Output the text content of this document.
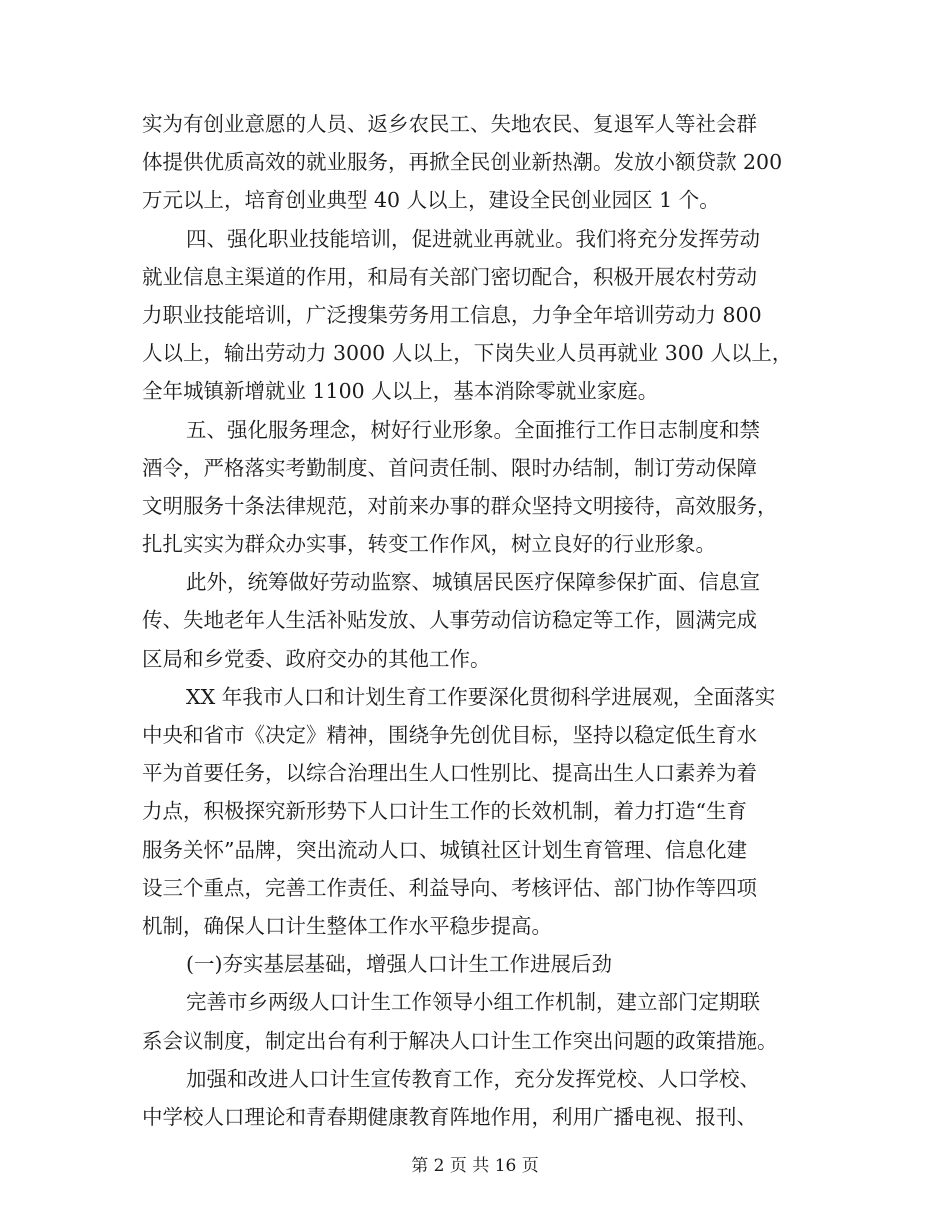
实为有创业意愿的人员、返乡农民工、失地农民、复退军人等社会群
体提供优质高效的就业服务，再掀全民创业新热潮。发放小额贷款 200
万元以上，培育创业典型 40 人以上，建设全民创业园区 1 个。
四、强化职业技能培训，促进就业再就业。我们将充分发挥劳动
就业信息主渠道的作用，和局有关部门密切配合，积极开展农村劳动
力职业技能培训，广泛搜集劳务用工信息，力争全年培训劳动力 800
人以上，输出劳动力 3000 人以上，下岗失业人员再就业 300 人以上，
全年城镇新增就业 1100 人以上，基本消除零就业家庭。
五、强化服务理念，树好行业形象。全面推行工作日志制度和禁
酒令，严格落实考勤制度、首问责任制、限时办结制，制订劳动保障
文明服务十条法律规范，对前来办事的群众坚持文明接待，高效服务，
扎扎实实为群众办实事，转变工作作风，树立良好的行业形象。
此外，统筹做好劳动监察、城镇居民医疗保障参保扩面、信息宣
传、失地老年人生活补贴发放、人事劳动信访稳定等工作，圆满完成
区局和乡党委、政府交办的其他工作。
XX 年我市人口和计划生育工作要深化贯彻科学进展观，全面落实
中央和省市《决定》精神，围绕争先创优目标，坚持以稳定低生育水
平为首要任务，以综合治理出生人口性别比、提高出生人口素养为着
力点，积极探究新形势下人口计生工作的长效机制，着力打造“生育
服务关怀”品牌，突出流动人口、城镇社区计划生育管理、信息化建
设三个重点，完善工作责任、利益导向、考核评估、部门协作等四项
机制，确保人口计生整体工作水平稳步提高。
(一)夯实基层基础，增强人口计生工作进展后劲
完善市乡两级人口计生工作领导小组工作机制，建立部门定期联
系会议制度，制定出台有利于解决人口计生工作突出问题的政策措施。
加强和改进人口计生宣传教育工作，充分发挥党校、人口学校、
中学校人口理论和青春期健康教育阵地作用，利用广播电视、报刊、
第 2 页 共 16 页
